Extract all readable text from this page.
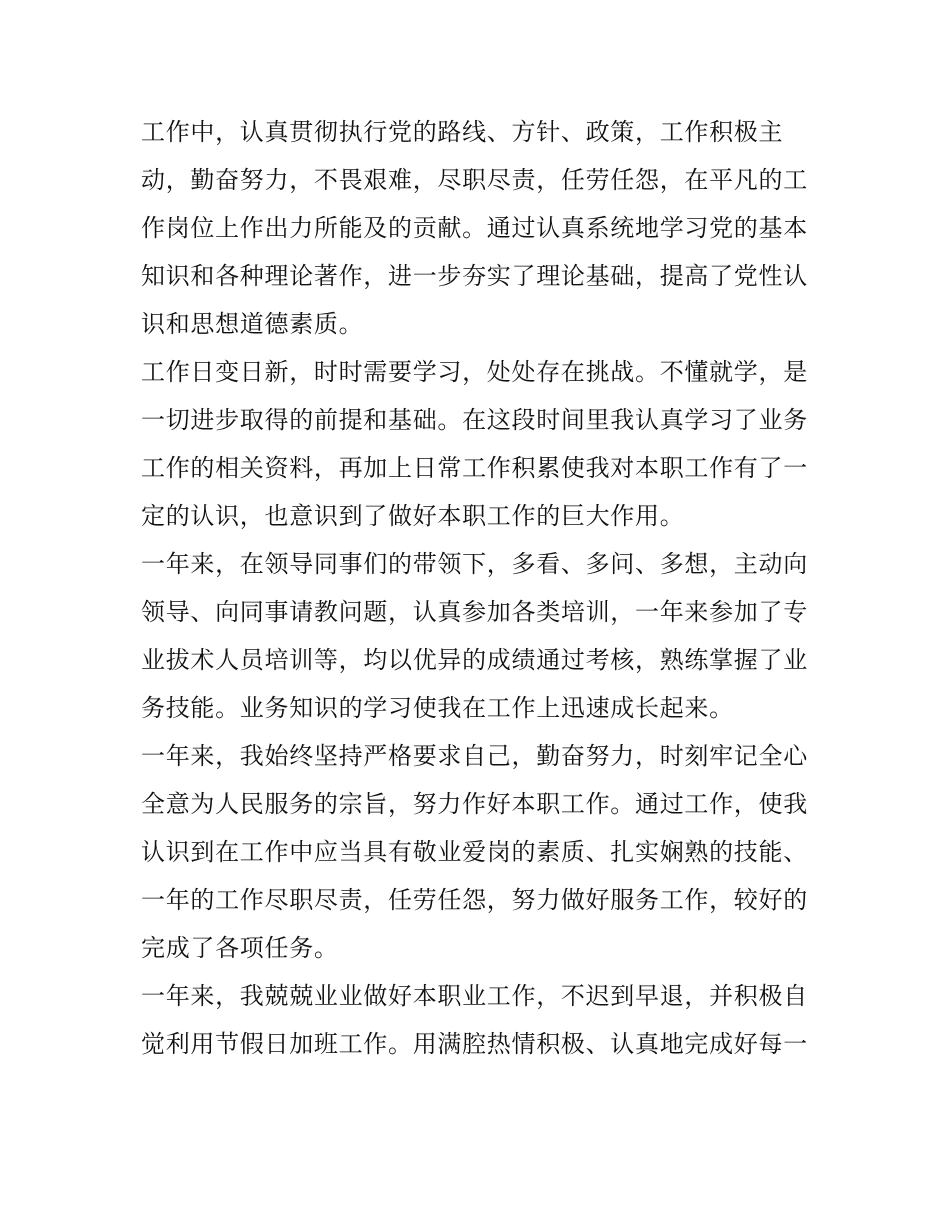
工作中，认真贯彻执行党的路线、方针、政策，工作积极主
动，勤奋努力，不畏艰难，尽职尽责，任劳任怨，在平凡的工
作岗位上作出力所能及的贡献。通过认真系统地学习党的基本
知识和各种理论著作，进一步夯实了理论基础，提高了党性认
识和思想道德素质。
工作日变日新，时时需要学习，处处存在挑战。不懂就学，是
一切进步取得的前提和基础。在这段时间里我认真学习了业务
工作的相关资料，再加上日常工作积累使我对本职工作有了一
定的认识，也意识到了做好本职工作的巨大作用。
一年来，在领导同事们的带领下，多看、多问、多想，主动向
领导、向同事请教问题，认真参加各类培训，一年来参加了专
业拔术人员培训等，均以优异的成绩通过考核，熟练掌握了业
务技能。业务知识的学习使我在工作上迅速成长起来。
一年来，我始终坚持严格要求自己，勤奋努力，时刻牢记全心
全意为人民服务的宗旨，努力作好本职工作。通过工作，使我
认识到在工作中应当具有敬业爱岗的素质、扎实娴熟的技能、
一年的工作尽职尽责，任劳任怨，努力做好服务工作，较好的
完成了各项任务。
一年来，我兢兢业业做好本职业工作，不迟到早退，并积极自
觉利用节假日加班工作。用满腔热情积极、认真地完成好每一
